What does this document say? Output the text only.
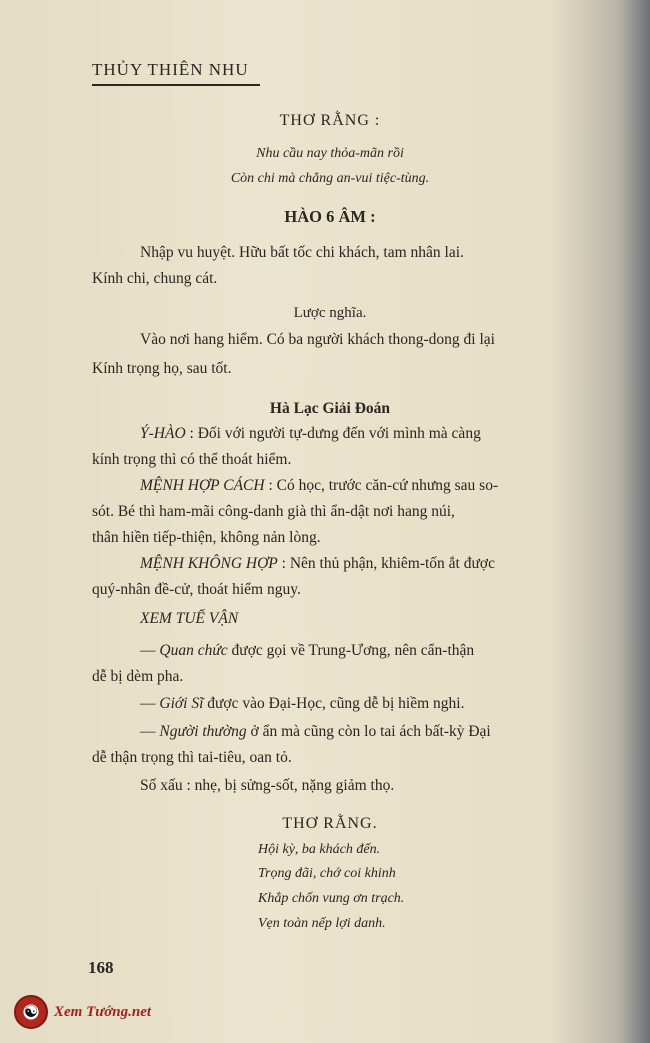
THỦY THIÊN NHU
THƠ RẰNG :
Nhu cầu nay thỏa-mãn rồi
Còn chi mà chẳng an-vui tiệc-tùng.
HÀO 6 ÂM :
Nhập vu huyệt. Hữu bất tốc chi khách, tam nhân lai.
Kính chi, chung cát.
Lược nghĩa.
Vào nơi hang hiểm. Có ba người khách thong-dong đi lại
Kính trọng họ, sau tốt.
Hà Lạc Giải Đoán
Ý-HÀO : Đối với người tự-dưng đến với mình mà càng
kính trọng thì có thể thoát hiểm.
MỆNH HỢP CÁCH : Có học, trước căn-cứ nhưng sau so-
sót. Bé thì ham-mãi công-danh già thì ẩn-dật nơi hang núi,
thân hiền tiếp-thiện, không nản lòng.
MỆNH KHÔNG HỢP : Nên thủ phận, khiêm-tốn ắt được
quý-nhân đề-cử, thoát hiểm nguy.
XEM TUẾ VẬN
— Quan chức được gọi về Trung-Ương, nên cẩn-thận
dễ bị dèm pha.
— Giới Sĩ được vào Đại-Học, cũng dễ bị hiềm nghi.
— Người thường ở ẩn mà cũng còn lo tai ách bất-kỳ Đại
dễ thận trọng thì tai-tiêu, oan tỏ.
Số xấu : nhẹ, bị sửng-sốt, nặng giảm thọ.
THƠ RẰNG.
Hội kỳ, ba khách đến.
Trọng đãi, chớ coi khinh
Khắp chốn vung ơn trạch.
Vẹn toàn nếp lợi danh.
168
☯	Xem Tướng.net
